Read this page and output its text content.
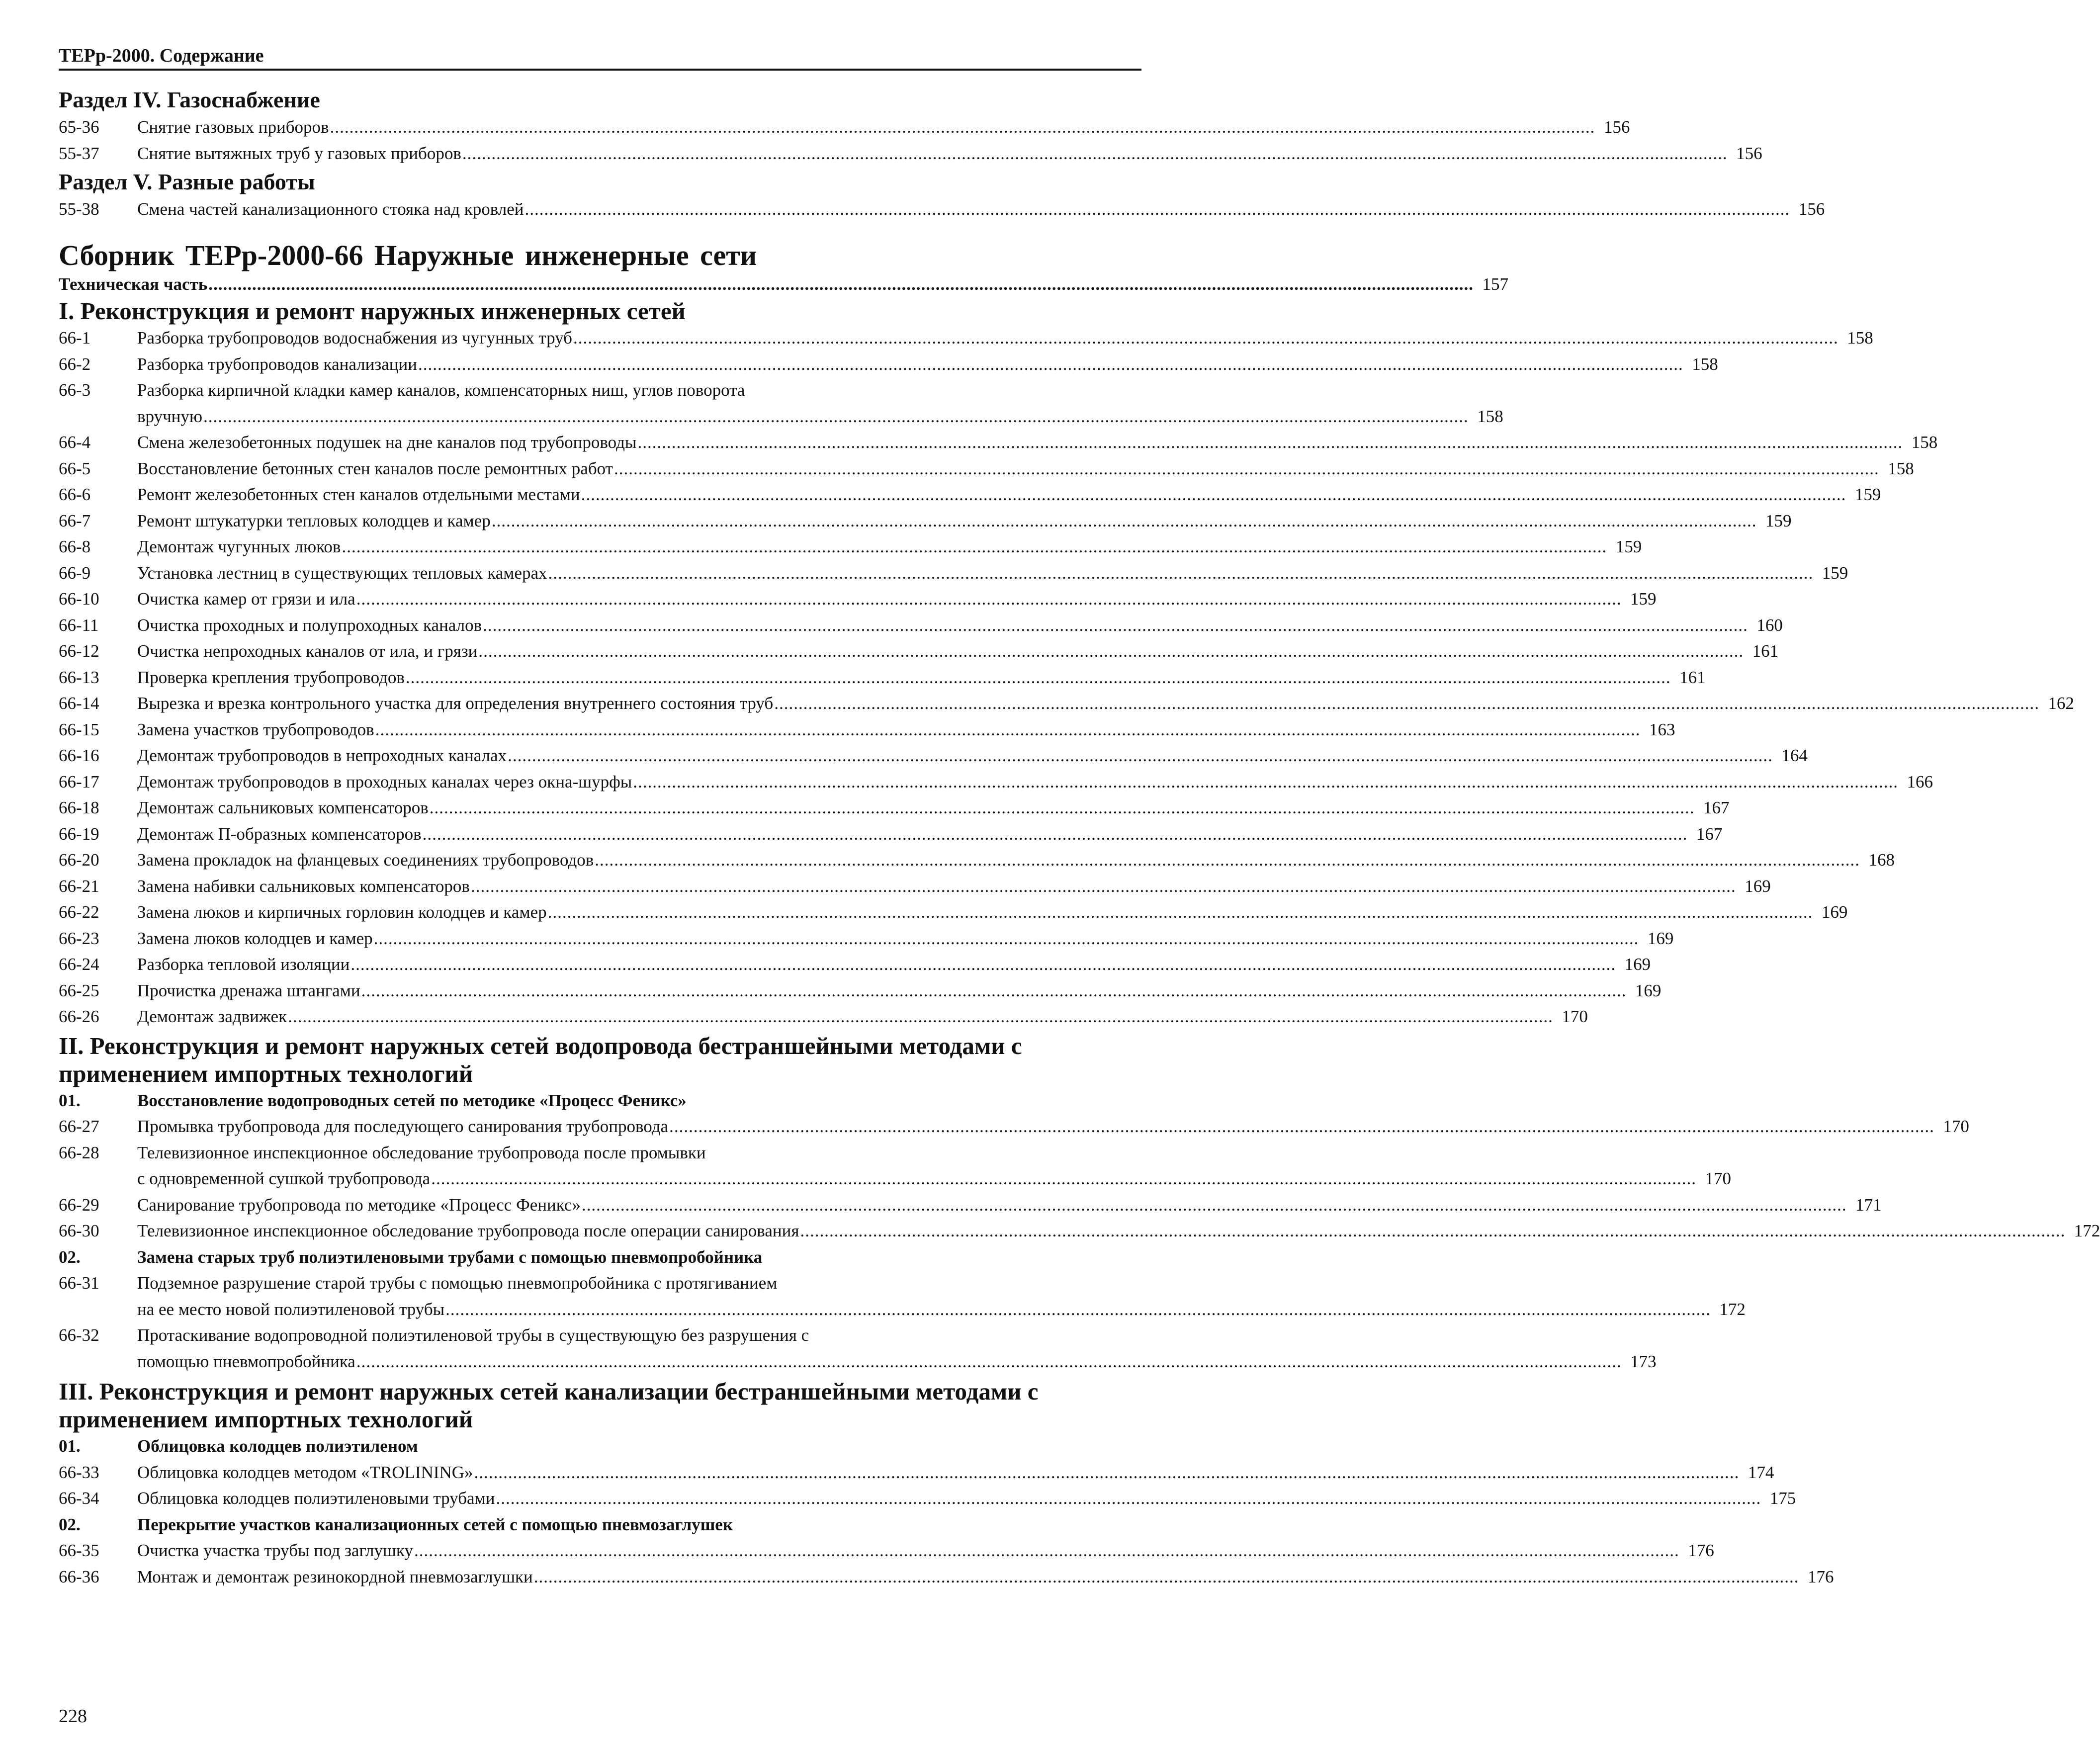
ТЕРр-2000. Содержание
Раздел IV. Газоснабжение
65-36	Снятие газовых приборов .....	156
55-37	Снятие вытяжных труб у газовых приборов .....	156
Раздел V. Разные работы
55-38	Смена частей канализационного стояка над кровлей .....	156
Сборник ТЕРр-2000-66 Наружные инженерные сети
Техническая часть .....	157
I. Реконструкция и ремонт наружных инженерных сетей
66-1	Разборка трубопроводов водоснабжения из чугунных труб .....	158
66-2	Разборка трубопроводов канализации .....	158
66-3	Разборка кирпичной кладки камер каналов, компенсаторных ниш, углов поворота
вручную .....	158
66-4	Смена железобетонных подушек на дне каналов под трубопроводы .....	158
66-5	Восстановление бетонных стен каналов после ремонтных работ .....	158
66-6	Ремонт железобетонных стен каналов отдельными местами .....	159
66-7	Ремонт штукатурки тепловых колодцев и камер .....	159
66-8	Демонтаж чугунных люков .....	159
66-9	Установка лестниц в существующих тепловых камерах .....	159
66-10	Очистка камер от грязи и ила .....	159
66-11	Очистка проходных и полупроходных каналов .....	160
66-12	Очистка непроходных каналов от ила, и грязи .....	161
66-13	Проверка крепления трубопроводов .....	161
66-14	Вырезка и врезка контрольного участка для определения внутреннего состояния труб .....	162
66-15	Замена участков трубопроводов .....	163
66-16	Демонтаж трубопроводов в непроходных каналах .....	164
66-17	Демонтаж трубопроводов в проходных каналах через окна-шурфы .....	166
66-18	Демонтаж сальниковых компенсаторов .....	167
66-19	Демонтаж П-образных компенсаторов .....	167
66-20	Замена прокладок на фланцевых соединениях трубопроводов .....	168
66-21	Замена набивки сальниковых компенсаторов .....	169
66-22	Замена люков и кирпичных горловин колодцев и камер .....	169
66-23	Замена люков колодцев и камер .....	169
66-24	Разборка тепловой изоляции .....	169
66-25	Прочистка дренажа штангами .....	169
66-26	Демонтаж задвижек .....	170
II. Реконструкция и ремонт наружных сетей водопровода бестраншейными методами с
применением импортных технологий
01.	Восстановление водопроводных сетей по методике «Процесс Феникс»
66-27	Промывка трубопровода для последующего санирования трубопровода .....	170
66-28	Телевизионное инспекционное обследование трубопровода после промывки
с одновременной сушкой трубопровода .....	170
66-29	Санирование трубопровода по методике «Процесс Феникс» .....	171
66-30	Телевизионное инспекционное обследование трубопровода после операции санирования .....	172
02.	Замена старых труб полиэтиленовыми трубами с помощью пневмопробойника
66-31	Подземное разрушение старой трубы с помощью пневмопробойника с протягиванием
на ее место новой полиэтиленовой трубы .....	172
66-32	Протаскивание водопроводной полиэтиленовой трубы в существующую без разрушения с
помощью пневмопробойника .....	173
III. Реконструкция и ремонт наружных сетей канализации бестраншейными методами с
применением импортных технологий
01.	Облицовка колодцев полиэтиленом
66-33	Облицовка колодцев методом «TROLINING» .....	174
66-34	Облицовка колодцев полиэтиленовыми трубами .....	175
02.	Перекрытие участков канализационных сетей с помощью пневмозаглушек
66-35	Очистка участка трубы под заглушку .....	176
66-36	Монтаж и демонтаж резинокордной пневмозаглушки .....	176
228
